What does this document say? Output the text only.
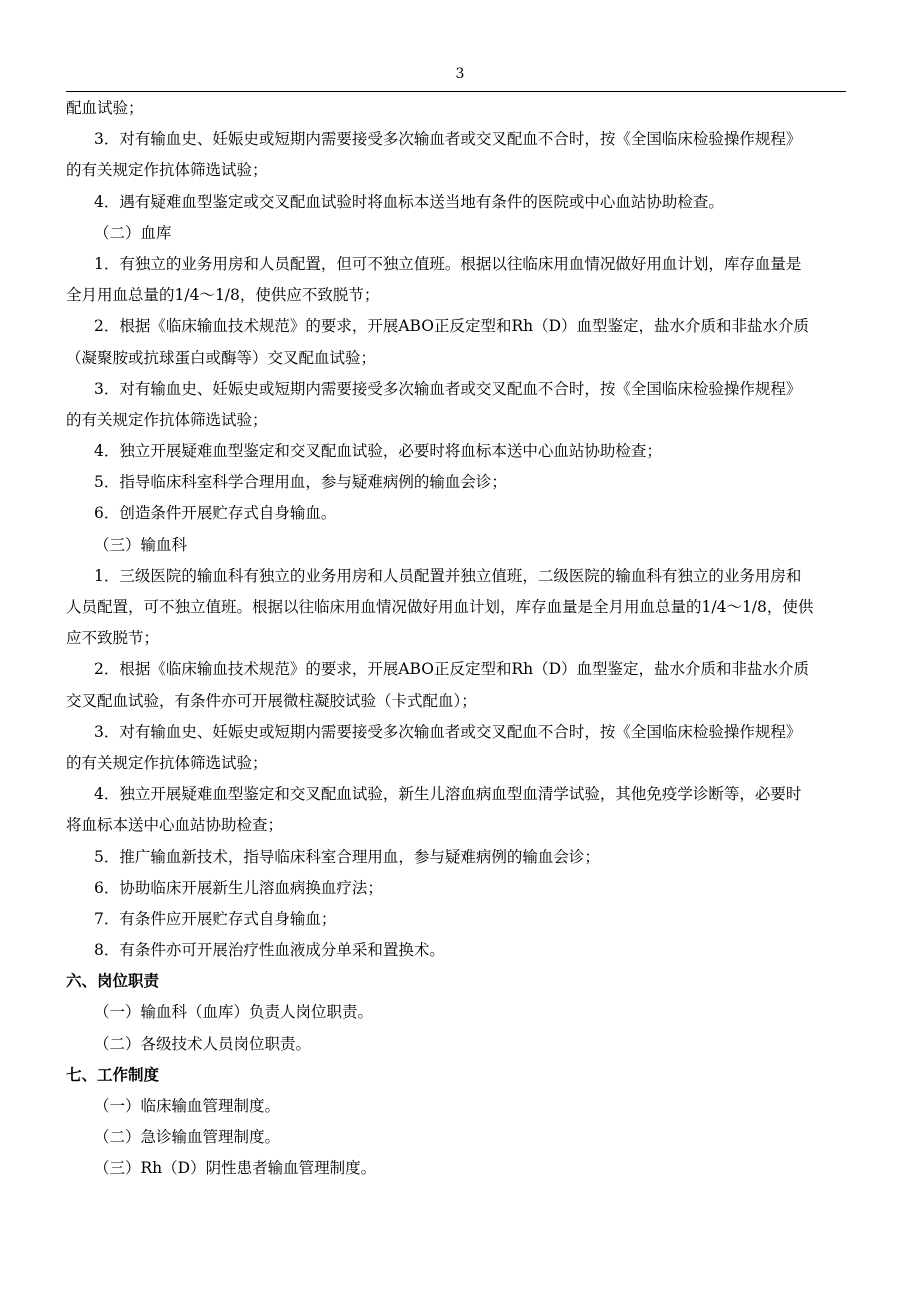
3
配血试验；
3．对有输血史、妊娠史或短期内需要接受多次输血者或交叉配血不合时，按《全国临床检验操作规程》
的有关规定作抗体筛选试验；
4．遇有疑难血型鉴定或交叉配血试验时将血标本送当地有条件的医院或中心血站协助检查。
（二）血库
1．有独立的业务用房和人员配置，但可不独立值班。根据以往临床用血情况做好用血计划，库存血量是
全月用血总量的1/4～1/8，使供应不致脱节；
2．根据《临床输血技术规范》的要求，开展ABO正反定型和Rh（D）血型鉴定，盐水介质和非盐水介质
（凝聚胺或抗球蛋白或酶等）交叉配血试验；
3．对有输血史、妊娠史或短期内需要接受多次输血者或交叉配血不合时，按《全国临床检验操作规程》
的有关规定作抗体筛选试验；
4．独立开展疑难血型鉴定和交叉配血试验，必要时将血标本送中心血站协助检查；
5．指导临床科室科学合理用血，参与疑难病例的输血会诊；
6．创造条件开展贮存式自身输血。
（三）输血科
1．三级医院的输血科有独立的业务用房和人员配置并独立值班，二级医院的输血科有独立的业务用房和
人员配置，可不独立值班。根据以往临床用血情况做好用血计划，库存血量是全月用血总量的1/4～1/8，使供
应不致脱节；
2．根据《临床输血技术规范》的要求，开展ABO正反定型和Rh（D）血型鉴定，盐水介质和非盐水介质
交叉配血试验，有条件亦可开展微柱凝胶试验（卡式配血）；
3．对有输血史、妊娠史或短期内需要接受多次输血者或交叉配血不合时，按《全国临床检验操作规程》
的有关规定作抗体筛选试验；
4．独立开展疑难血型鉴定和交叉配血试验，新生儿溶血病血型血清学试验，其他免疫学诊断等，必要时
将血标本送中心血站协助检查；
5．推广输血新技术，指导临床科室合理用血，参与疑难病例的输血会诊；
6．协助临床开展新生儿溶血病换血疗法；
7．有条件应开展贮存式自身输血；
8．有条件亦可开展治疗性血液成分单采和置换术。
六、岗位职责
（一）输血科（血库）负责人岗位职责。
（二）各级技术人员岗位职责。
七、工作制度
（一）临床输血管理制度。
（二）急诊输血管理制度。
（三）Rh（D）阴性患者输血管理制度。
